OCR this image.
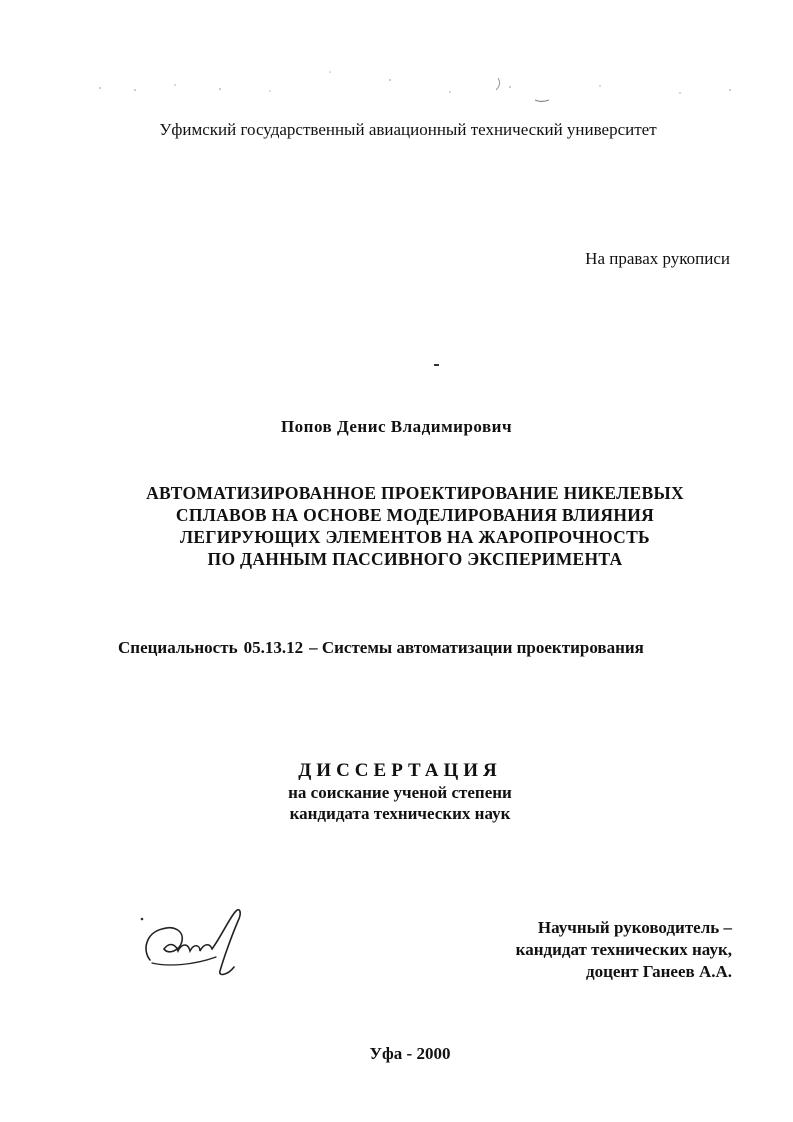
Уфимский государственный авиационный технический университет

На правах рукописи

Попов Денис Владимирович

АВТОМАТИЗИРОВАННОЕ ПРОЕКТИРОВАНИЕ НИКЕЛЕВЫХ
СПЛАВОВ НА ОСНОВЕ МОДЕЛИРОВАНИЯ ВЛИЯНИЯ
ЛЕГИРУЮЩИХ ЭЛЕМЕНТОВ НА ЖАРОПРОЧНОСТЬ
ПО ДАННЫМ ПАССИВНОГО ЭКСПЕРИМЕНТА

Специальность 05.13.12 – Системы автоматизации проектирования

ДИССЕРТАЦИЯ

на соискание ученой степени
кандидата технических наук
Научный руководитель –
кандидат технических наук,
доцент Ганеев А.А.

Уфа - 2000
